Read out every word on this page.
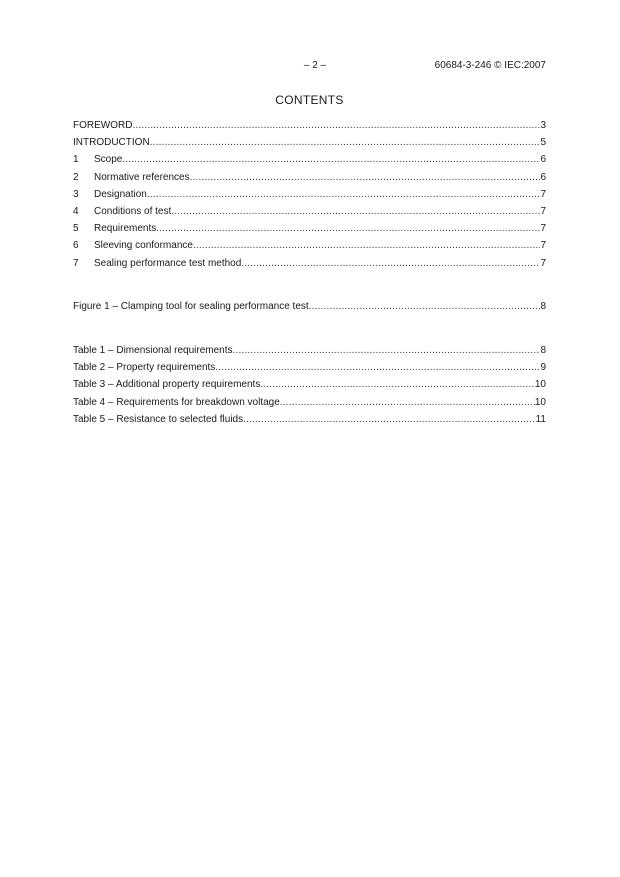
– 2 –	60684-3-246 © IEC:2007
CONTENTS
FOREWORD .....	3
INTRODUCTION .....	5
1	Scope .....	6
2	Normative references .....	6
3	Designation .....	7
4	Conditions of test .....	7
5	Requirements .....	7
6	Sleeving conformance .....	7
7	Sealing performance test method .....	7
Figure 1 – Clamping tool for sealing performance test .....	8
Table 1 – Dimensional requirements .....	8
Table 2 – Property requirements .....	9
Table 3 – Additional property requirements .....	10
Table 4 – Requirements for breakdown voltage .....	10
Table 5 – Resistance to selected fluids .....	11
